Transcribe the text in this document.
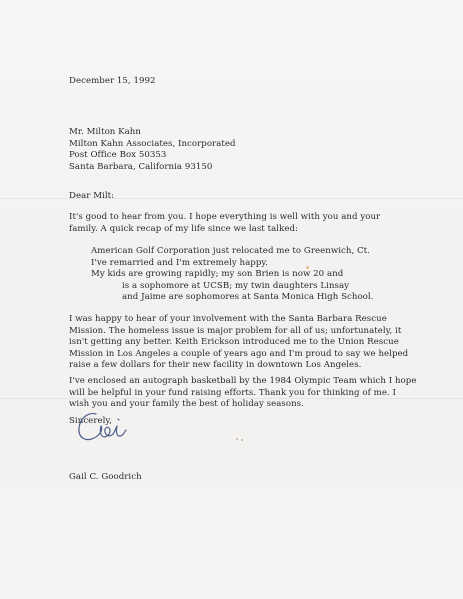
December 15, 1992
Mr. Milton Kahn
Milton Kahn Associates, Incorporated
Post Office Box 50353
Santa Barbara, California 93150
Dear Milt:
It's good to hear from you. I hope everything is well with you and your
family. A quick recap of my life since we last talked:
American Golf Corporation just relocated me to Greenwich, Ct.
I've remarried and I'm extremely happy.
My kids are growing rapidly; my son Brien is now 20 and
is a sophomore at UCSB; my twin daughters Linsay
and Jaime are sophomores at Santa Monica High School.
I was happy to hear of your involvement with the Santa Barbara Rescue
Mission. The homeless issue is major problem for all of us; unfortunately, it
isn't getting any better. Keith Erickson introduced me to the Union Rescue
Mission in Los Angeles a couple of years ago and I'm proud to say we helped
raise a few dollars for their new facility in downtown Los Angeles.
I've enclosed an autograph basketball by the 1984 Olympic Team which I hope
will be helpful in your fund raising efforts. Thank you for thinking of me. I
wish you and your family the best of holiday seasons.
Sincerely,
Gail C. Goodrich
